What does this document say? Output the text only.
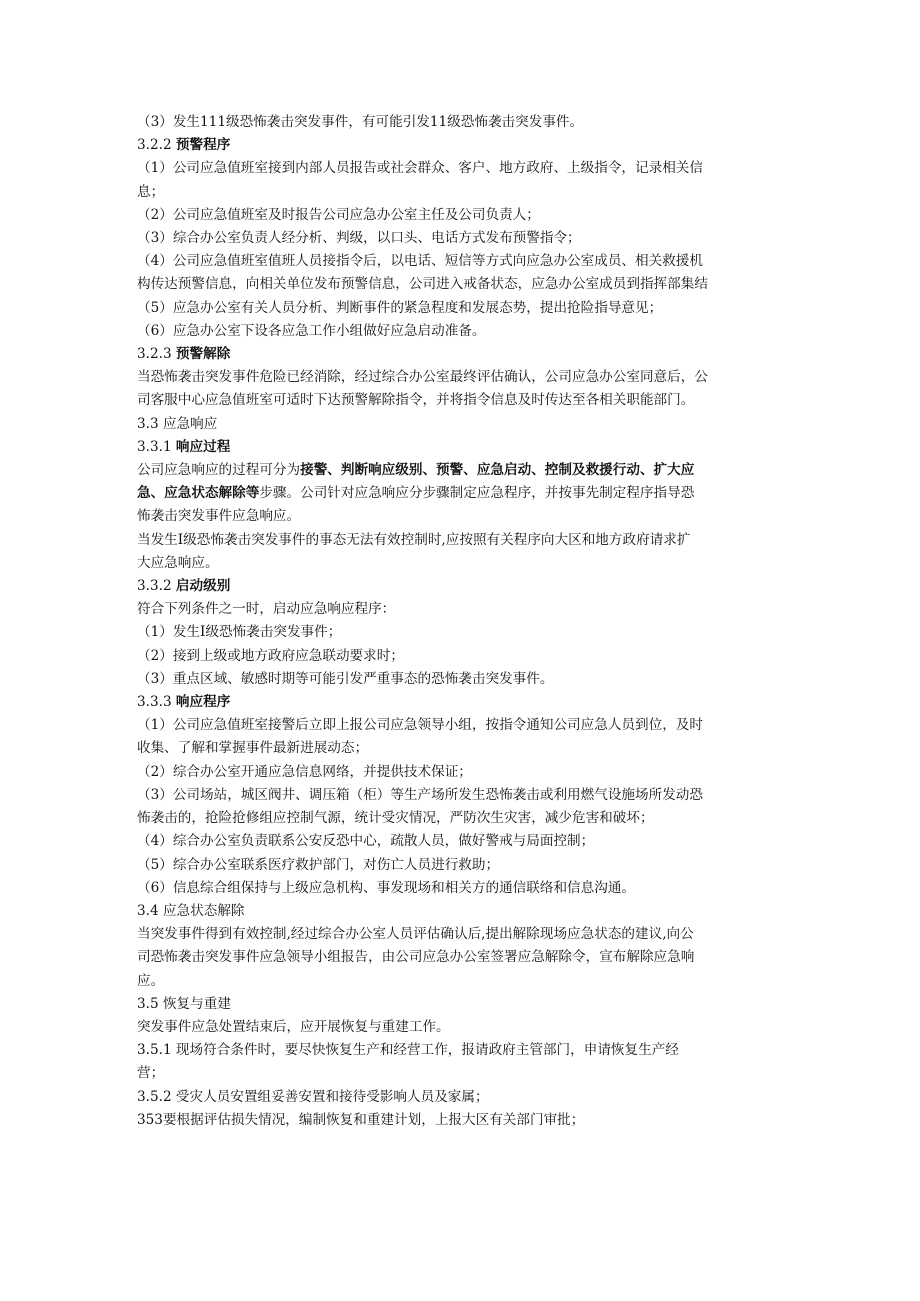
（3）发生111级恐怖袭击突发事件，有可能引发11级恐怖袭击突发事件。
3.2.2 预警程序
（1）公司应急值班室接到内部人员报告或社会群众、客户、地方政府、上级指令，记录相关信
息；
（2）公司应急值班室及时报告公司应急办公室主任及公司负责人；
（3）综合办公室负责人经分析、判级，以口头、电话方式发布预警指令；
（4）公司应急值班室值班人员接指令后，以电话、短信等方式向应急办公室成员、相关救援机
构传达预警信息，向相关单位发布预警信息，公司进入戒备状态，应急办公室成员到指挥部集结
（5）应急办公室有关人员分析、判断事件的紧急程度和发展态势，提出抢险指导意见；
（6）应急办公室下设各应急工作小组做好应急启动准备。
3.2.3 预警解除
当恐怖袭击突发事件危险已经消除，经过综合办公室最终评估确认，公司应急办公室同意后，公
司客服中心应急值班室可适时下达预警解除指令，并将指令信息及时传达至各相关职能部门。
3.3 应急响应
3.3.1 响应过程
公司应急响应的过程可分为接警、判断响应级别、预警、应急启动、控制及救援行动、扩大应
急、应急状态解除等步骤。公司针对应急响应分步骤制定应急程序，并按事先制定程序指导恐
怖袭击突发事件应急响应。
当发生I级恐怖袭击突发事件的事态无法有效控制时,应按照有关程序向大区和地方政府请求扩
大应急响应。
3.3.2 启动级别
符合下列条件之一时，启动应急响应程序：
（1）发生I级恐怖袭击突发事件；
（2）接到上级或地方政府应急联动要求时；
（3）重点区域、敏感时期等可能引发严重事态的恐怖袭击突发事件。
3.3.3 响应程序
（1）公司应急值班室接警后立即上报公司应急领导小组，按指令通知公司应急人员到位，及时
收集、了解和掌握事件最新进展动态；
（2）综合办公室开通应急信息网络，并提供技术保证；
（3）公司场站，城区阀井、调压箱（柜）等生产场所发生恐怖袭击或利用燃气设施场所发动恐
怖袭击的，抢险抢修组应控制气源，统计受灾情况，严防次生灾害，减少危害和破坏；
（4）综合办公室负责联系公安反恐中心，疏散人员，做好警戒与局面控制；
（5）综合办公室联系医疗救护部门，对伤亡人员进行救助；
（6）信息综合组保持与上级应急机构、事发现场和相关方的通信联络和信息沟通。
3.4 应急状态解除
当突发事件得到有效控制,经过综合办公室人员评估确认后,提出解除现场应急状态的建议,向公
司恐怖袭击突发事件应急领导小组报告，由公司应急办公室签署应急解除令，宣布解除应急响
应。
3.5 恢复与重建
突发事件应急处置结束后，应开展恢复与重建工作。
3.5.1 现场符合条件时，要尽快恢复生产和经营工作，报请政府主管部门，申请恢复生产经
营；
3.5.2 受灾人员安置组妥善安置和接待受影响人员及家属；
353要根据评估损失情况，编制恢复和重建计划，上报大区有关部门审批；
